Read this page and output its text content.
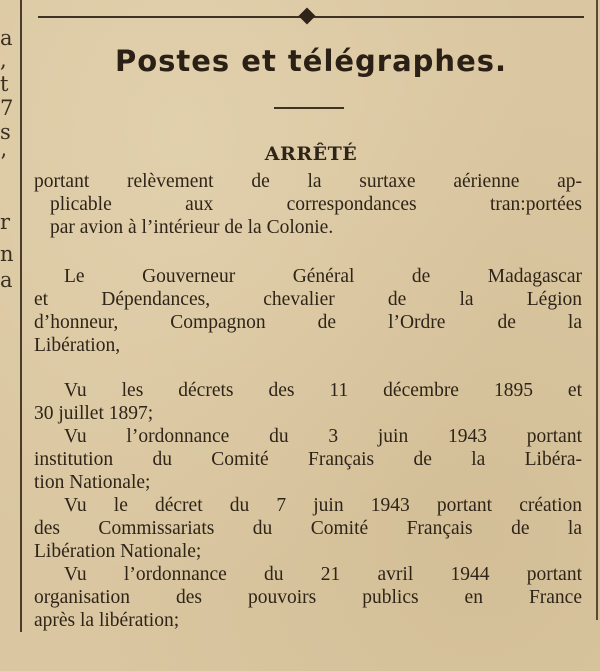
a
,
t
7
s
’
r
n
a
Postes et télégraphes.
ARRÊTÉ
portant relèvement de la surtaxe aérienne ap-
plicable aux correspondances tran:portées
par avion à l’intérieur de la Colonie.
Le Gouverneur Général de Madagascar
et Dépendances, chevalier de la Légion
d’honneur, Compagnon de l’Ordre de la
Libération,
Vu les décrets des 11 décembre 1895 et
30 juillet 1897;
Vu l’ordonnance du 3 juin 1943 portant
institution du Comité Français de la Libéra-
tion Nationale;
Vu le décret du 7 juin 1943 portant création
des Commissariats du Comité Français de la
Libération Nationale;
Vu l’ordonnance du 21 avril 1944 portant
organisation des pouvoirs publics en France
après la libération;
